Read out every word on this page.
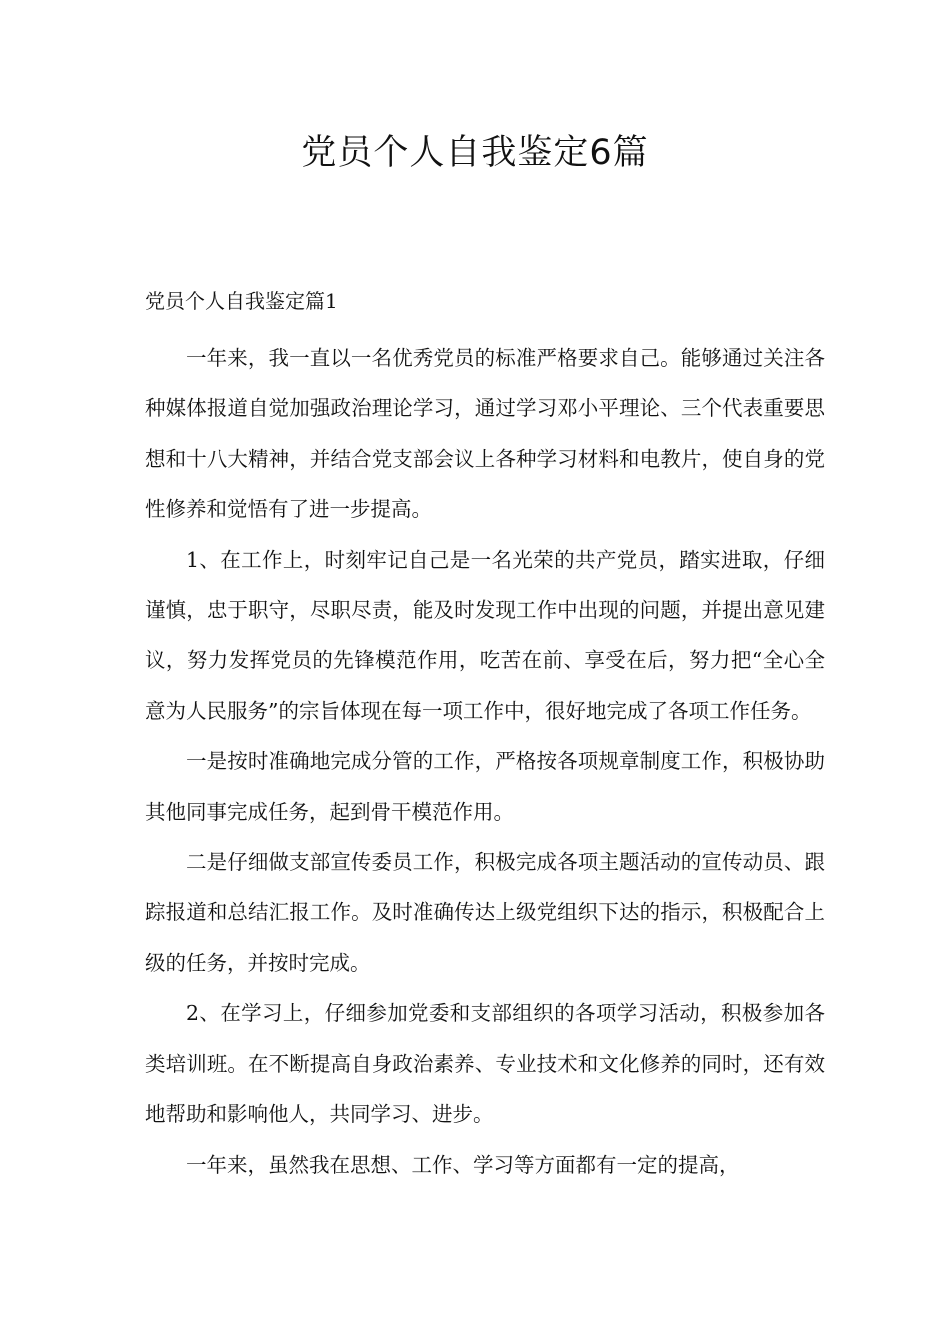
党员个人自我鉴定6篇
党员个人自我鉴定篇1

一年来，我一直以一名优秀党员的标准严格要求自己。能够通过关注各种媒体报道自觉加强政治理论学习，通过学习邓小平理论、三个代表重要思想和十八大精神，并结合党支部会议上各种学习材料和电教片，使自身的党性修养和觉悟有了进一步提高。

1、在工作上，时刻牢记自己是一名光荣的共产党员，踏实进取，仔细谨慎，忠于职守，尽职尽责，能及时发现工作中出现的问题，并提出意见建议，努力发挥党员的先锋模范作用，吃苦在前、享受在后，努力把“全心全意为人民服务”的宗旨体现在每一项工作中，很好地完成了各项工作任务。

一是按时准确地完成分管的工作，严格按各项规章制度工作，积极协助其他同事完成任务，起到骨干模范作用。

二是仔细做支部宣传委员工作，积极完成各项主题活动的宣传动员、跟踪报道和总结汇报工作。及时准确传达上级党组织下达的指示，积极配合上级的任务，并按时完成。

2、在学习上，仔细参加党委和支部组织的各项学习活动，积极参加各类培训班。在不断提高自身政治素养、专业技术和文化修养的同时，还有效地帮助和影响他人，共同学习、进步。

一年来，虽然我在思想、工作、学习等方面都有一定的提高，
